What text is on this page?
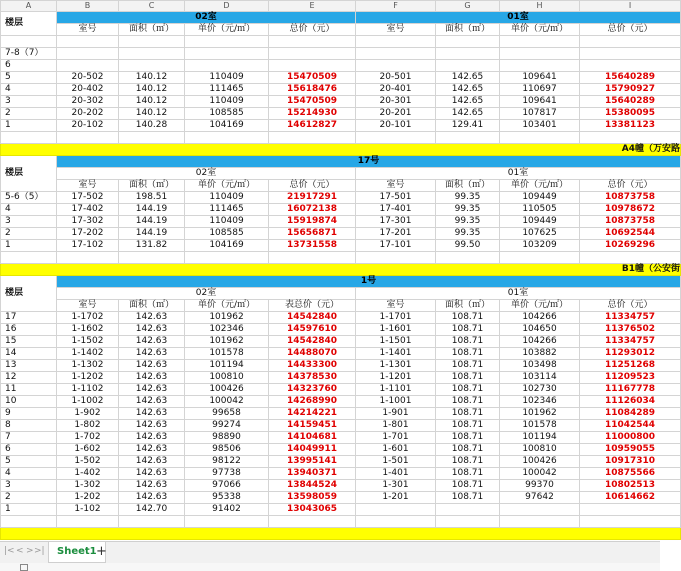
A	B	C	D	E	F	G	H	I
楼层	02室				01室			
	室号	面积（㎡）	单价（元/㎡）	总价（元）	室号	面积（㎡）	单价（元/㎡）	总价（元）

7-8（7）								
6								
5	20-502	140.12	110409	15470509	20-501	142.65	109641	15640289
4	20-402	140.12	111465	15618476	20-401	142.65	110697	15790927
3	20-302	140.12	110409	15470509	20-301	142.65	109641	15640289
2	20-202	140.12	108585	15214930	20-201	142.65	107817	15380095
1	20-102	140.28	104169	14612827	20-101	129.41	103401	13381123

A4幢（万安路								
楼层	17号							
	02室				01室			
	室号	面积（㎡）	单价（元/㎡）	总价（元）	室号	面积（㎡）	单价（元/㎡）	总价（元）
5-6（5）	17-502	198.51	110409	21917291	17-501	99.35	109449	10873758
4	17-402	144.19	111465	16072138	17-401	99.35	110505	10978672
3	17-302	144.19	110409	15919874	17-301	99.35	109449	10873758
2	17-202	144.19	108585	15656871	17-201	99.35	107625	10692544
1	17-102	131.82	104169	13731558	17-101	99.50	103209	10269296

B1幢（公安街								
楼层	1号							
	02室				01室			
	室号	面积（㎡）	单价（元/㎡）	表总价（元）	室号	面积（㎡）	单价（元/㎡）	总价（元）
17	1-1702	142.63	101962	14542840	1-1701	108.71	104266	11334757
16	1-1602	142.63	102346	14597610	1-1601	108.71	104650	11376502
15	1-1502	142.63	101962	14542840	1-1501	108.71	104266	11334757
14	1-1402	142.63	101578	14488070	1-1401	108.71	103882	11293012
13	1-1302	142.63	101194	14433300	1-1301	108.71	103498	11251268
12	1-1202	142.63	100810	14378530	1-1201	108.71	103114	11209523
11	1-1102	142.63	100426	14323760	1-1101	108.71	102730	11167778
10	1-1002	142.63	100042	14268990	1-1001	108.71	102346	11126034
9	1-902	142.63	99658	14214221	1-901	108.71	101962	11084289
8	1-802	142.63	99274	14159451	1-801	108.71	101578	11042544
7	1-702	142.63	98890	14104681	1-701	108.71	101194	11000800
6	1-602	142.63	98506	14049911	1-601	108.71	100810	10959055
5	1-502	142.63	98122	13995141	1-501	108.71	100426	10917310
4	1-402	142.63	97738	13940371	1-401	108.71	100042	10875566
3	1-302	142.63	97066	13844524	1-301	108.71	99370	10802513
2	1-202	142.63	95338	13598059	1-201	108.71	97642	10614662
1	1-102	142.70	91402	13043065				

|< < > >|	Sheet1 +
